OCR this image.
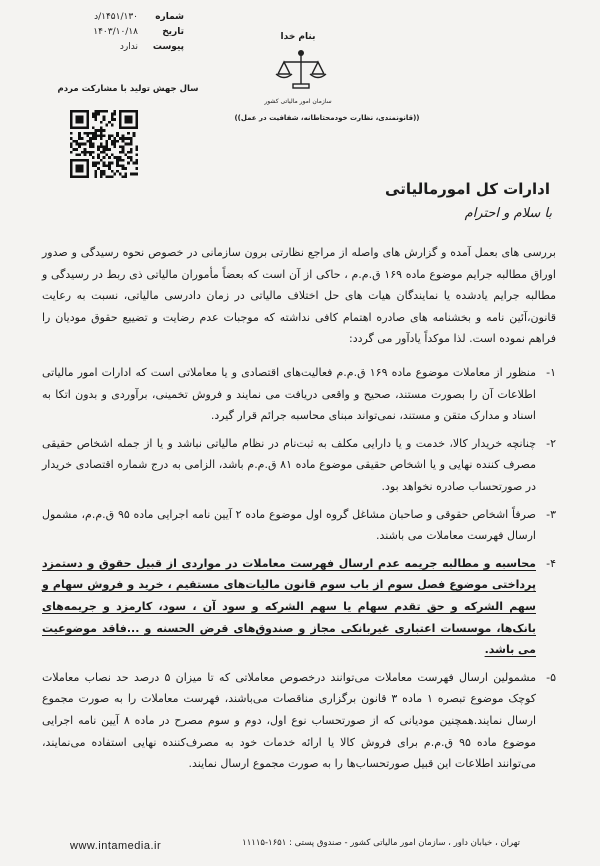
شماره
۱۴۵۱/۱۳۰/د
تاریخ
۱۴۰۳/۱۰/۱۸
پیوست
ندارد
بنام خدا
سازمان امور مالیاتی کشور
سال جهش تولید با مشارکت مردم
((قانونمندی، نظارت خودمحتاطانه، شفافیت در عمل))
ادارات کل امورمالیاتی
با سلام و احترام
بررسی های بعمل آمده و گزارش های واصله از مراجع نظارتی برون سازمانی در خصوص نحوه رسیدگی و صدور اوراق مطالبه جرایم موضوع ماده ۱۶۹ ق.م.م ، حاکی از آن است که بعضاً مأموران مالیاتی ذی ربط در رسیدگی و مطالبه جرایم یادشده یا نمایندگان هیات های حل اختلاف مالیاتی در زمان دادرسی مالیاتی، نسبت به رعایت قانون،آئین نامه و بخشنامه های صادره اهتمام کافی نداشته که موجبات عدم رضایت و تضییع حقوق مودیان را فراهم نموده است. لذا موکداً یادآور می گردد:
۱-
منظور از معاملات موضوع ماده ۱۶۹ ق.م.م فعالیت‌های اقتصادی و یا معاملاتی است که ادارات امور مالیاتی اطلاعات آن را بصورت مستند، صحیح و واقعی دریافت می نمایند و فروش تخمینی، برآوردی و بدون اتکا به اسناد و مدارک متقن و مستند، نمی‌تواند مبنای محاسبه جرائم قرار گیرد.
۲-
چنانچه خریدار کالا، خدمت و یا دارایی مکلف به ثبت‌نام در نظام مالیاتی نباشد و یا از جمله اشخاص حقیقی مصرف کننده نهایی و یا اشخاص حقیقی موضوع ماده ۸۱ ق.م.م باشد، الزامی به درج شماره اقتصادی خریدار در صورتحساب صادره نخواهد بود.
۳-
صرفاً اشخاص حقوقی و صاحبان مشاغل گروه اول موضوع ماده ۲ آیین نامه اجرایی ماده ۹۵ ق.م.م، مشمول ارسال فهرست معاملات می باشند.
۴-
محاسبه و مطالبه جریمه عدم ارسال فهرست معاملات در مواردی از قبیل حقوق و دستمزد پرداختی موضوع فصل سوم از باب سوم قانون مالیات‌های مستقیم ، خرید و فروش سهام و سهم الشرکه و حق تقدم سهام یا سهم الشرکه و سود آن ، سود، کارمزد و جریمه‌های بانک‌ها، موسسات اعتباری غیربانکی مجاز و صندوق‌های قرض الحسنه و ...فاقد موضوعیت می باشد.
۵-
مشمولین ارسال فهرست معاملات می‌توانند درخصوص معاملاتی که تا میزان ۵ درصد حد نصاب معاملات کوچک موضوع تبصره ۱ ماده ۳ قانون برگزاری مناقصات می‌باشند، فهرست معاملات را به صورت مجموع ارسال نمایند.همچنین مودیانی که از صورتحساب نوع اول، دوم و سوم مصرح در ماده ۸ آیین نامه اجرایی موضوع ماده ۹۵ ق.م.م برای فروش کالا یا ارائه خدمات خود به مصرف‌کننده نهایی استفاده می‌نمایند، می‌توانند اطلاعات این قبیل صورتحساب‌ها را به صورت مجموع ارسال نمایند.
تهران ، خیابان داور ، سازمان امور مالیاتی کشور - صندوق پستی : ۱۶۵۱-۱۱۱۱۵
www.intamedia.ir
